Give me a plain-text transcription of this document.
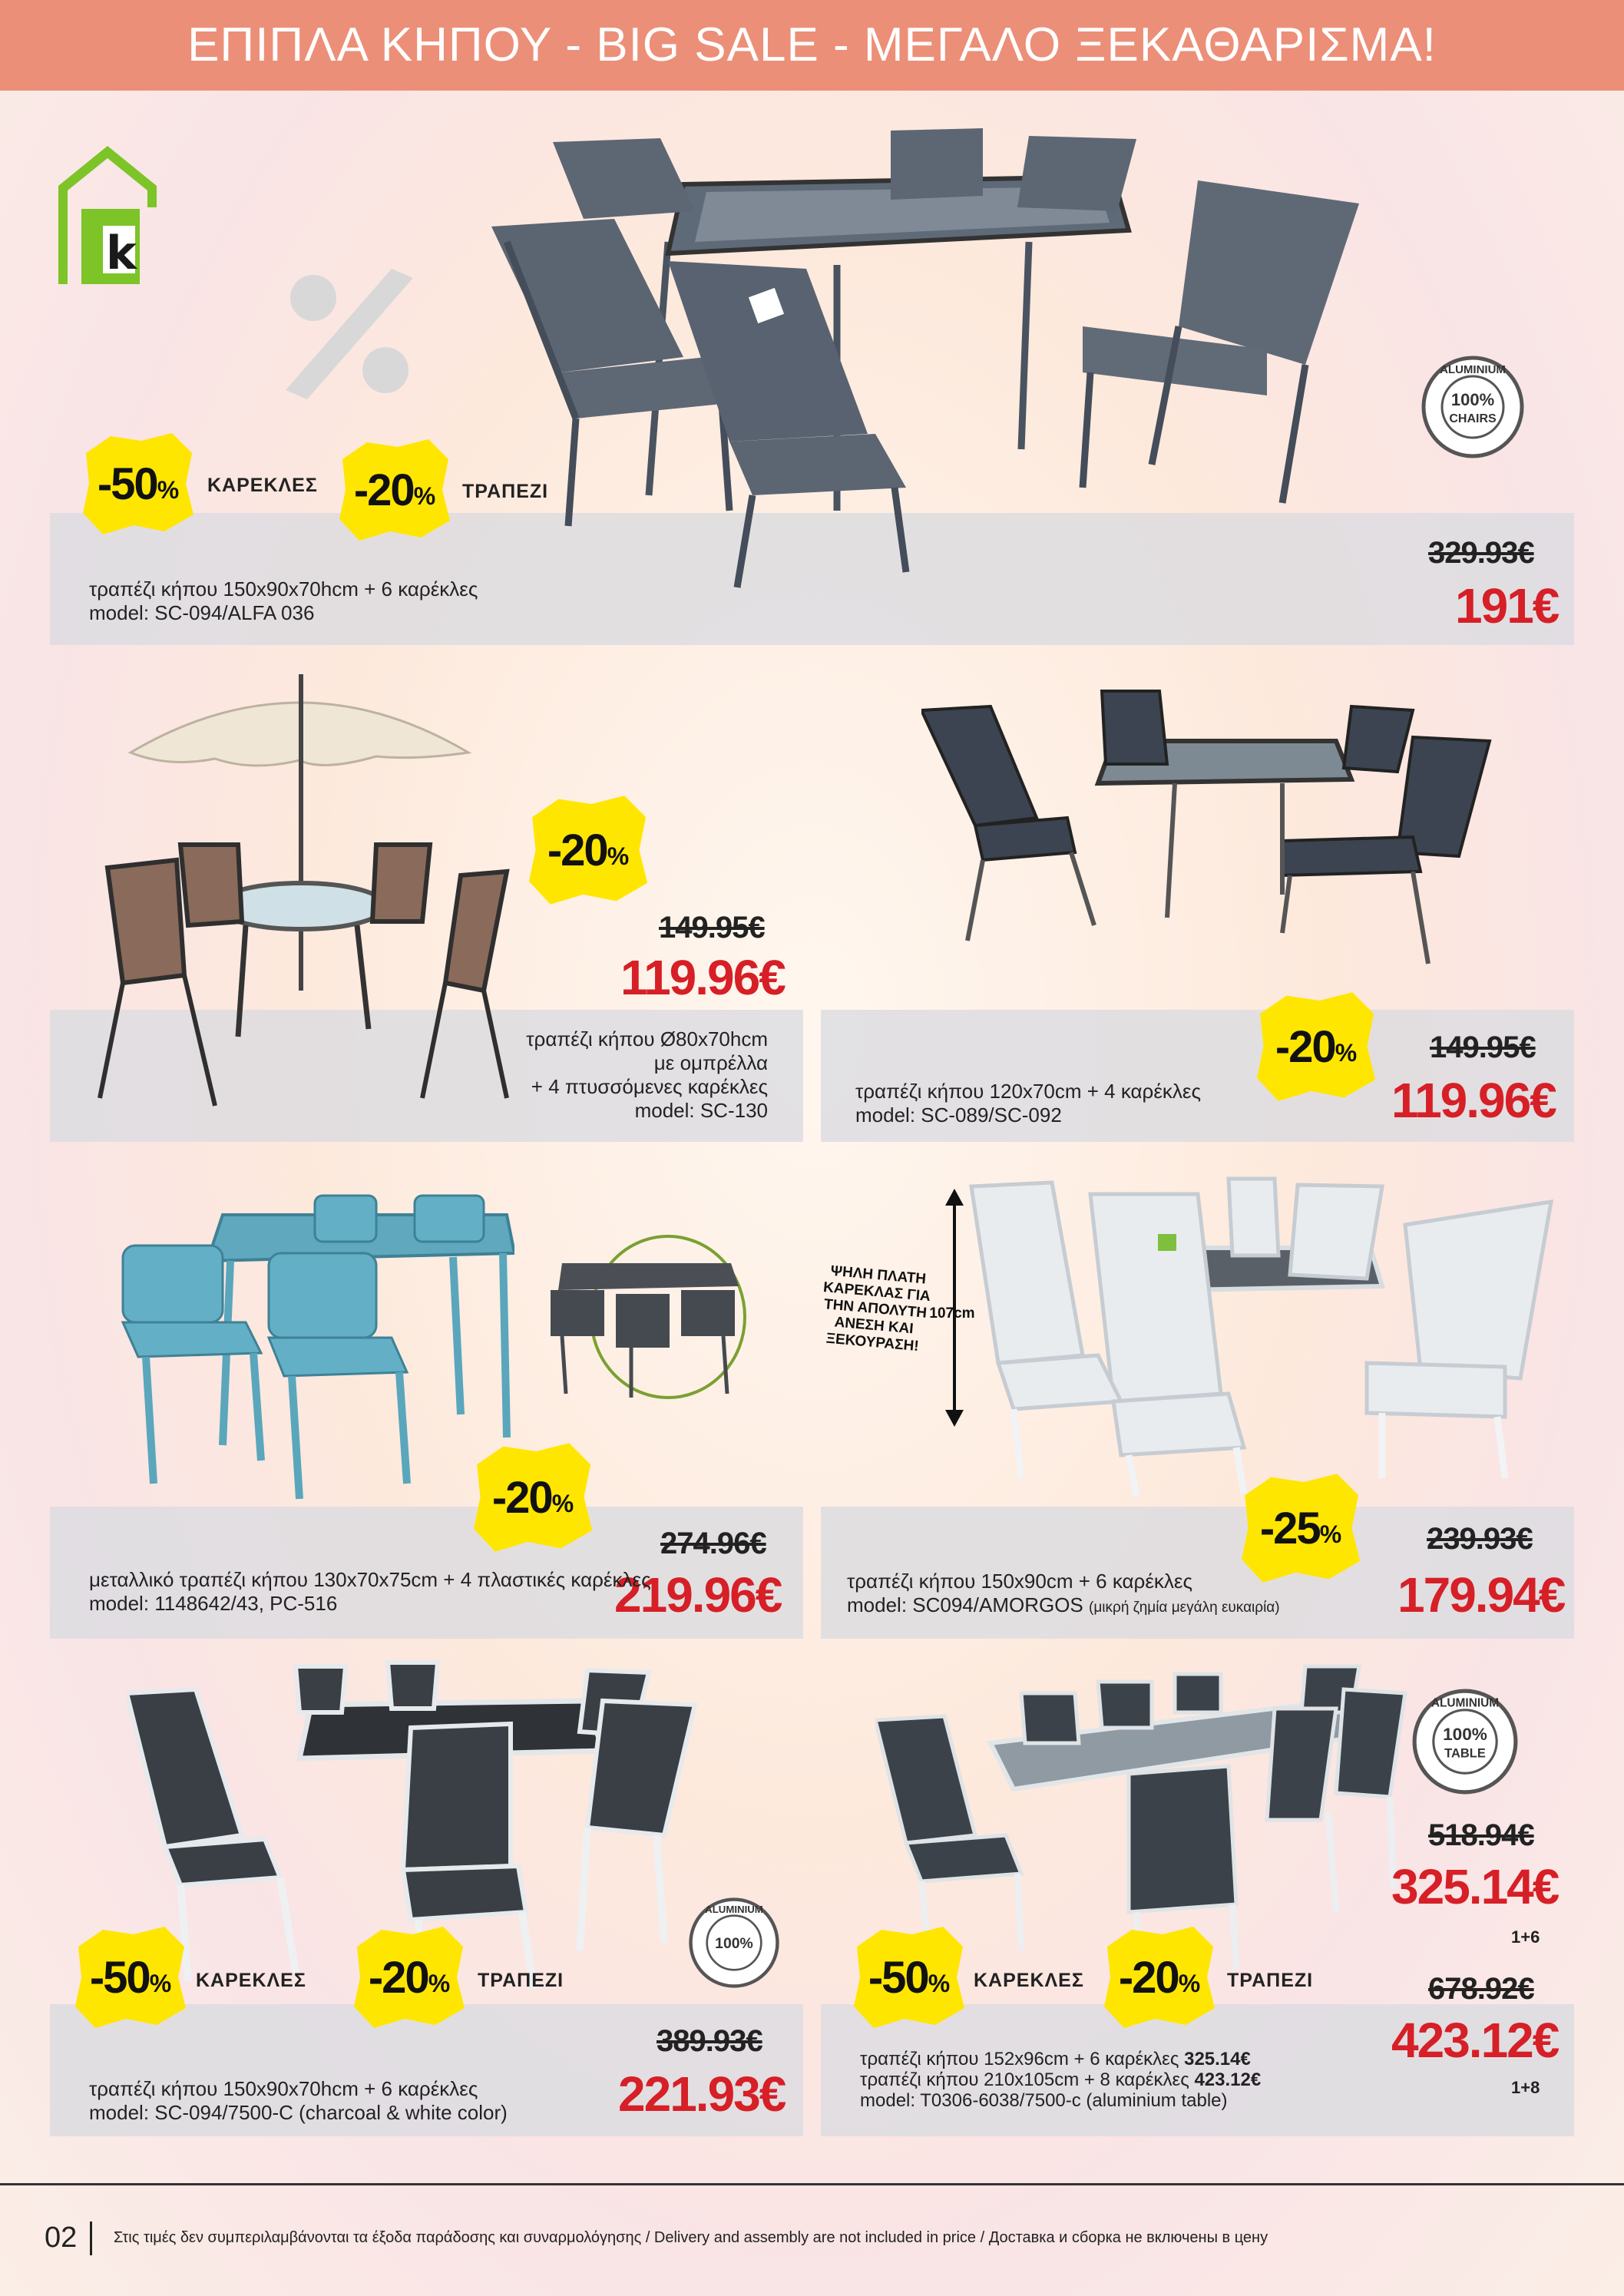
ΕΠΙΠΛΑ ΚΗΠΟΥ - BIG SALE - ΜΕΓΑΛΟ ΞΕΚΑΘΑΡΙΣΜΑ!
k
-50 % ΚΑΡΕΚΛΕΣ -20 % ΤΡΑΠΕΖΙ
100%
CHAIRS
ALUMINIUM
τραπέζι κήπου 150x90x70hcm + 6 καρέκλες
model: SC-094/ALFA 036
329.93€
191€
-20 %
149.95€
119.96€
τραπέζι κήπου Ø80x70hcm
με ομπρέλλα
+ 4 πτυσσόμενες καρέκλες
model: SC-130
-20 % 149.95€
119.96€
τραπέζι κήπου 120x70cm + 4 καρέκλες
model: SC-089/SC-092
-20 %
274.96€
219.96€
μεταλλικό τραπέζι κήπου 130x70x75cm + 4 πλαστικές καρέκλες
model: 1148642/43, PC-516
ΨΗΛΗ ΠΛΑΤΗ ΚΑΡΕΚΛΑΣ ΓΙΑ ΤΗΝ ΑΠΟΛΥΤΗ ΑΝΕΣΗ ΚΑΙ ΞΕΚΟΥΡΑΣΗ!
107cm
-25 %	239.93€
179.94€
τραπέζι κήπου 150x90cm + 6 καρέκλες
model: SC094/AMORGOS (μικρή ζημία μεγάλη ευκαιρία)
-50 % ΚΑΡΕΚΛΕΣ -20 % ΤΡΑΠΕΖΙ
100%
ALUMINIUM
389.93€
221.93€
τραπέζι κήπου 150x90x70hcm + 6 καρέκλες
model: SC-094/7500-C (charcoal & white color)
100%
TABLE
ALUMINIUM
-50 % ΚΑΡΕΚΛΕΣ -20 % ΤΡΑΠΕΖΙ
518.94€
325.14€
1+6
678.92€
423.12€
1+8
τραπέζι κήπου 152x96cm + 6 καρέκλες 325.14€
τραπέζι κήπου 210x105cm + 8 καρέκλες 423.12€
model: T0306-6038/7500-c (aluminium table)
02 Στις τιμές δεν συμπεριλαμβάνονται τα έξοδα παράδοσης και συναρμολόγησης / Delivery and assembly are not included in price / Доставка и сборка не включены в цену
